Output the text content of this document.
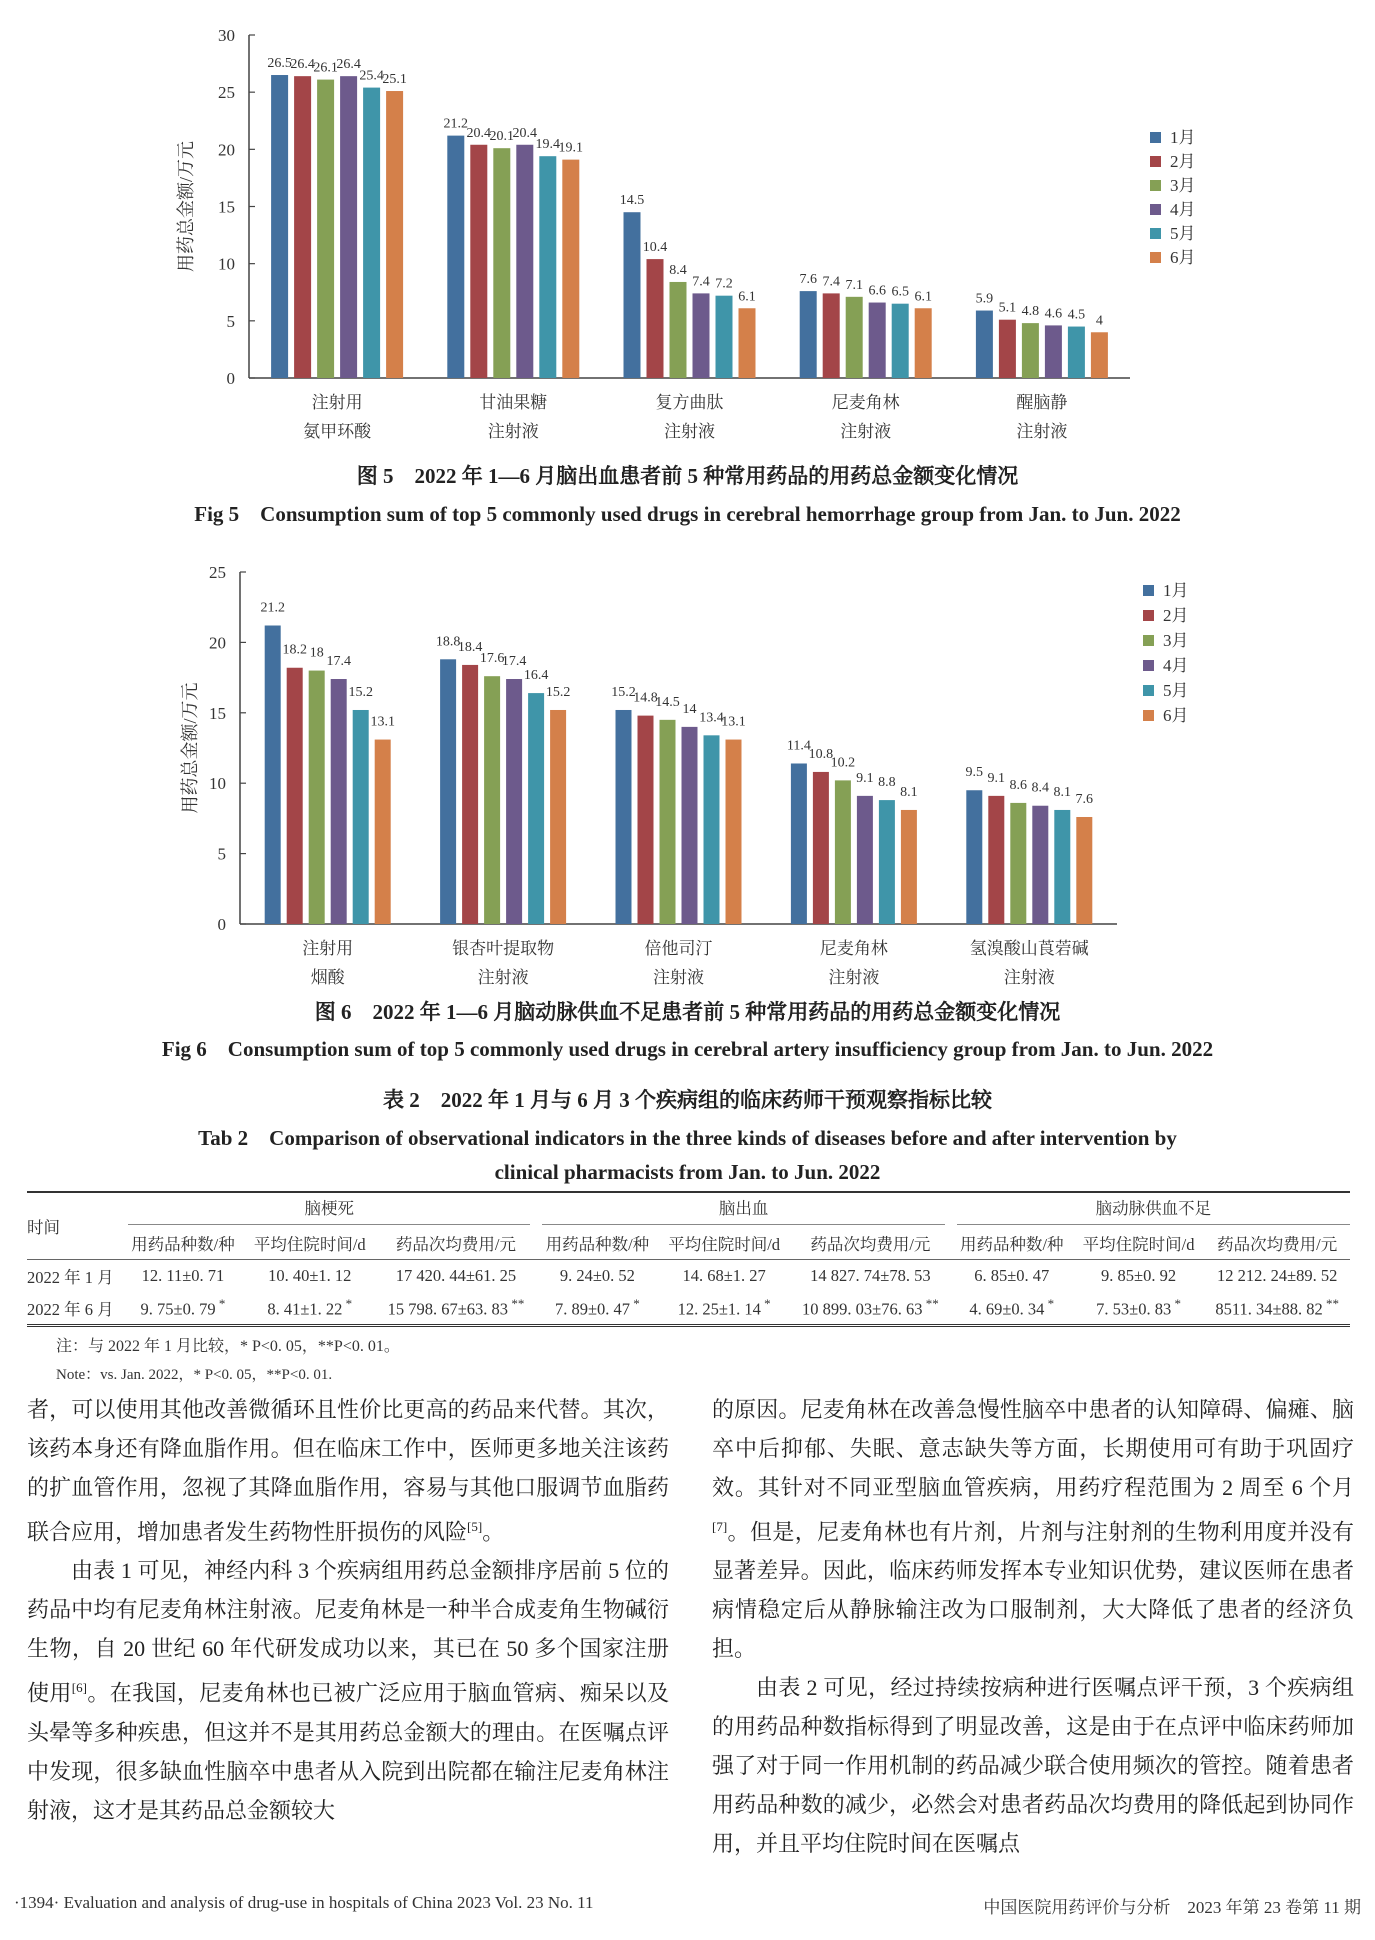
0
5
10
15
20
25
30
用药总金额/万元
26.5
26.4
26.1
26.4
25.4
25.1
注射用
氨甲环酸
21.2
20.4
20.1
20.4
19.4
19.1
甘油果糖
注射液
14.5
10.4
8.4
7.4 7.2
6.1
复方曲肽
注射液
7.6 7.4 7.1 6.6 6.5 6.1
尼麦角林
注射液
5.9
5.1 4.8 4.6 4.5 4
醒脑静
注射液
1月
2月
3月
4月
5月
6月
图 5　2022 年 1—6 月脑出血患者前 5 种常用药品的用药总金额变化情况
Fig 5　Consumption sum of top 5 commonly used drugs in cerebral hemorrhage group from Jan. to Jun. 2022
0
5
10
15
20
25
用药总金额/万元
21.2
18.2 18
17.4
15.2
13.1
注射用
烟酸
18.8
18.4
17.6
17.4
16.4
15.2
银杏叶提取物
注射液
15.2
14.8
14.5 14
13.4
13.1
倍他司汀
注射液
11.4
10.8
10.2
9.1 8.8
8.1
尼麦角林
注射液
9.5 9.1 8.6 8.4 8.1 7.6
氢溴酸山莨菪碱
注射液
1月
2月
3月
4月
5月
6月
图 6　2022 年 1—6 月脑动脉供血不足患者前 5 种常用药品的用药总金额变化情况
Fig 6　Consumption sum of top 5 commonly used drugs in cerebral artery insufficiency group from Jan. to Jun. 2022
表 2　2022 年 1 月与 6 月 3 个疾病组的临床药师干预观察指标比较
Tab 2　Comparison of observational indicators in the three kinds of diseases before and after intervention by
clinical pharmacists from Jan. to Jun. 2022
时间	脑梗死			脑出血			脑动脉供血不足		

	用药品种数/种	平均住院时间/d	药品次均费用/元	用药品种数/种	平均住院时间/d	药品次均费用/元	用药品种数/种	平均住院时间/d	药品次均费用/元
2022 年 1 月	12. 11±0. 71	10. 40±1. 12	17 420. 44±61. 25	9. 24±0. 52	14. 68±1. 27	14 827. 74±78. 53	6. 85±0. 47	9. 85±0. 92	12 212. 24±89. 52
2022 年 6 月	9. 75±0. 79 *	8. 41±1. 22 *	15 798. 67±63. 83 **	7. 89±0. 47 *	12. 25±1. 14 *	10 899. 03±76. 63 **	4. 69±0. 34 *	7. 53±0. 83 *	8511. 34±88. 82 **
注：与 2022 年 1 月比较，* P<0. 05，**P<0. 01。
Note：vs. Jan. 2022，* P<0. 05，**P<0. 01.

者，可以使用其他改善微循环且性价比更高的药品来代替。其次，该药本身还有降血脂作用。但在临床工作中，医师更多地关注该药的扩血管作用，忽视了其降血脂作用，容易与其他口服调节血脂药联合应用，增加患者发生药物性肝损伤的风险[5]。

由表 1 可见，神经内科 3 个疾病组用药总金额排序居前 5 位的药品中均有尼麦角林注射液。尼麦角林是一种半合成麦角生物碱衍生物，自 20 世纪 60 年代研发成功以来，其已在 50 多个国家注册使用[6]。在我国，尼麦角林也已被广泛应用于脑血管病、痴呆以及头晕等多种疾患，但这并不是其用药总金额大的理由。在医嘱点评中发现，很多缺血性脑卒中患者从入院到出院都在输注尼麦角林注射液，这才是其药品总金额较大

的原因。尼麦角林在改善急慢性脑卒中患者的认知障碍、偏瘫、脑卒中后抑郁、失眠、意志缺失等方面，长期使用可有助于巩固疗效。其针对不同亚型脑血管疾病，用药疗程范围为 2 周至 6 个月[7]。但是，尼麦角林也有片剂，片剂与注射剂的生物利用度并没有显著差异。因此，临床药师发挥本专业知识优势，建议医师在患者病情稳定后从静脉输注改为口服制剂，大大降低了患者的经济负担。

由表 2 可见，经过持续按病种进行医嘱点评干预，3 个疾病组的用药品种数指标得到了明显改善，这是由于在点评中临床药师加强了对于同一作用机制的药品减少联合使用频次的管控。随着患者用药品种数的减少，必然会对患者药品次均费用的降低起到协同作用，并且平均住院时间在医嘱点

·1394· Evaluation and analysis of drug-use in hospitals of China 2023 Vol. 23 No. 11	中国医院用药评价与分析　2023 年第 23 卷第 11 期
